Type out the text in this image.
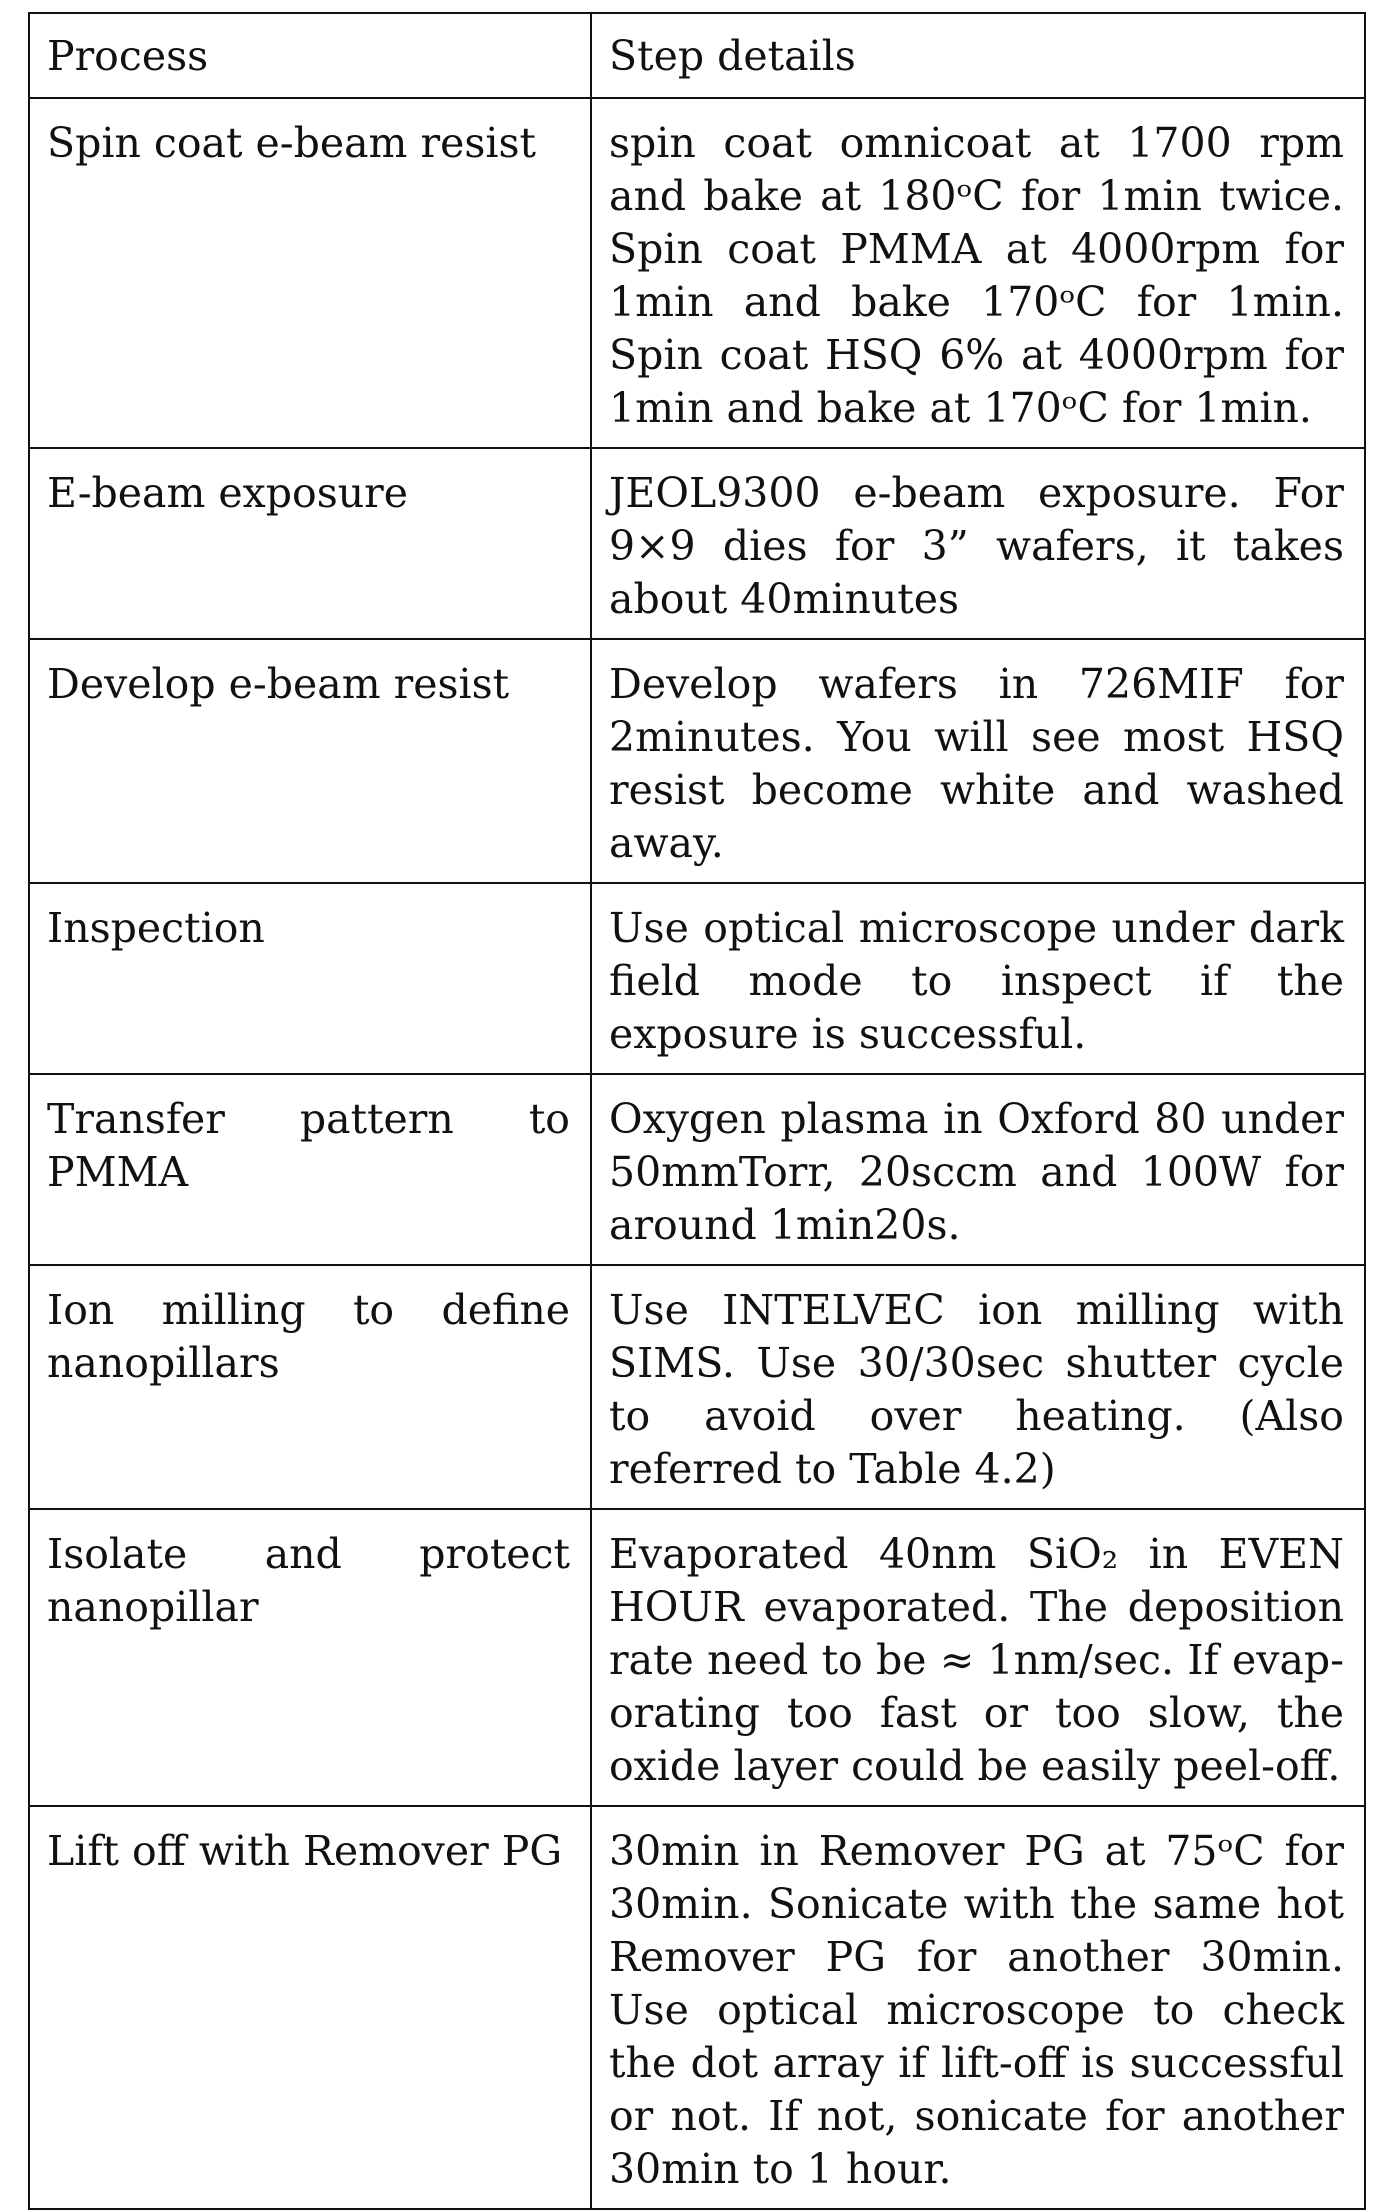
Process	Step details
Spin coat e-beam resist	spin coat omnicoat at 1700 rpm and bake at 180ᵒC for 1min twice. Spin coat PMMA at 4000rpm for 1min and bake 170ᵒC for 1min. Spin coat HSQ 6% at 4000rpm for 1min and bake at 170ᵒC for 1min.
E-beam exposure	JEOL9300 e-beam exposure. For 9×9 dies for 3” wafers, it takes about 40minutes
Develop e-beam resist	Develop wafers in 726MIF for 2minutes. You will see most HSQ resist become white and washed away.
Inspection	Use optical microscope under dark field mode to inspect if the exposure is successful.
Transfer pattern to PMMA	Oxygen plasma in Oxford 80 under 50mmTorr, 20sccm and 100W for around 1min20s.
Ion milling to define nanopillars	Use INTELVEC ion milling with SIMS. Use 30/30sec shutter cycle to avoid over heating. (Also referred to Table 4.2)
Isolate and protect nanopillar	Evaporated 40nm SiO₂ in EVEN HOUR evaporated. The deposition rate need to be ≈ 1nm/sec. If evaporating too fast or too slow, the oxide layer could be easily peel-off.
Lift off with Remover PG	30min in Remover PG at 75ᵒC for 30min. Sonicate with the same hot Remover PG for another 30min. Use optical microscope to check the dot array if lift-off is successful or not. If not, sonicate for another 30min to 1 hour.
